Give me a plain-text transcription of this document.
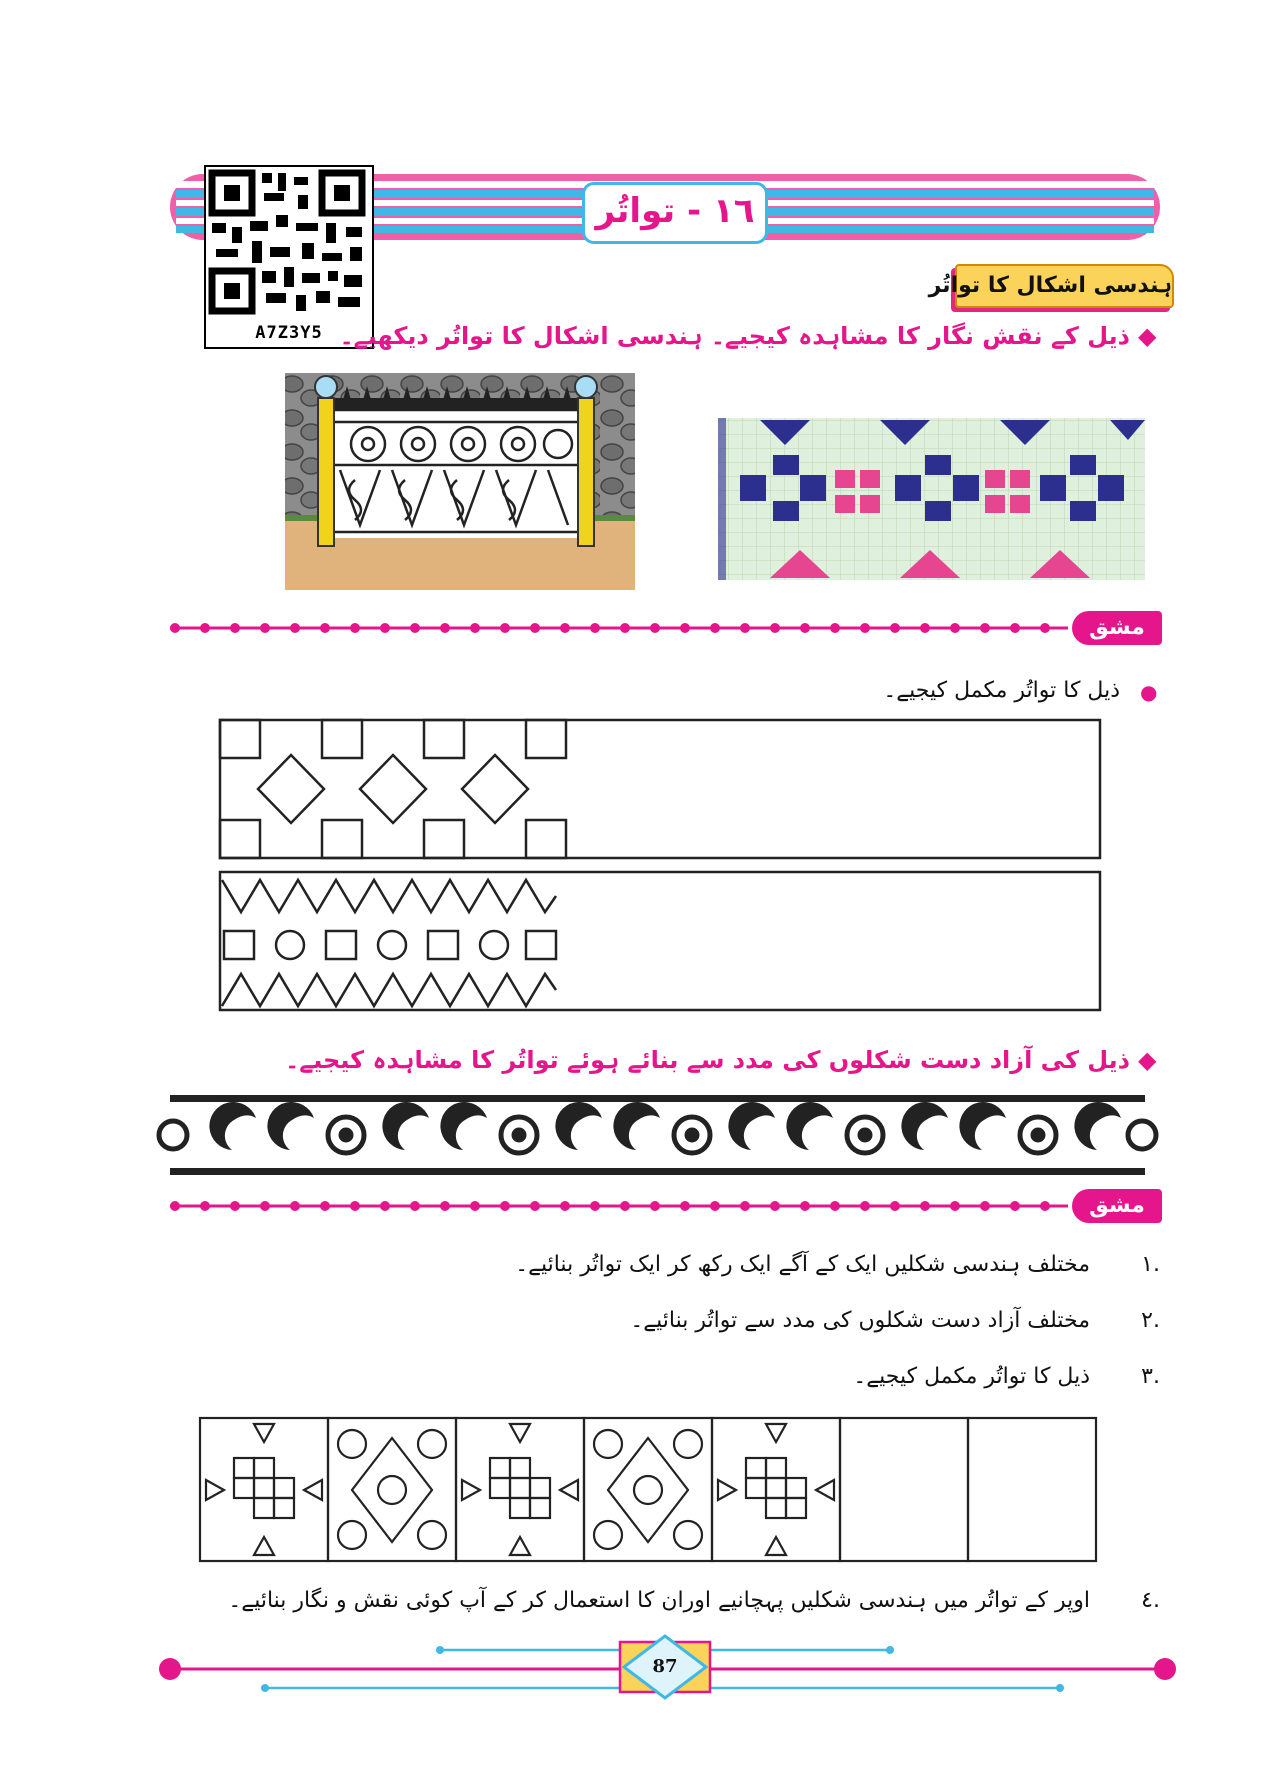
A7Z3Y5
١٦ - تواتُر
ہندسی اشکال کا تواتُر
ذیل کے نقش نگار کا مشاہدہ کیجیے۔ ہندسی اشکال کا تواتُر دیکھیے۔ ◆
مشق
ذیل کا تواتُر مکمل کیجیے۔ ●
ذیل کی آزاد دست شکلوں کی مدد سے بنائے ہوئے تواتُر کا مشاہدہ کیجیے۔ ◆
مشق
مختلف ہندسی شکلیں ایک کے آگے ایک رکھ کر ایک تواتُر بنائیے۔	١.
مختلف آزاد دست شکلوں کی مدد سے تواتُر بنائیے۔	٢.
ذیل کا تواتُر مکمل کیجیے۔	٣.
اوپر کے تواتُر میں ہندسی شکلیں پہچانیے اوران کا استعمال کر کے آپ کوئی نقش و نگار بنائیے۔	٤.
87
